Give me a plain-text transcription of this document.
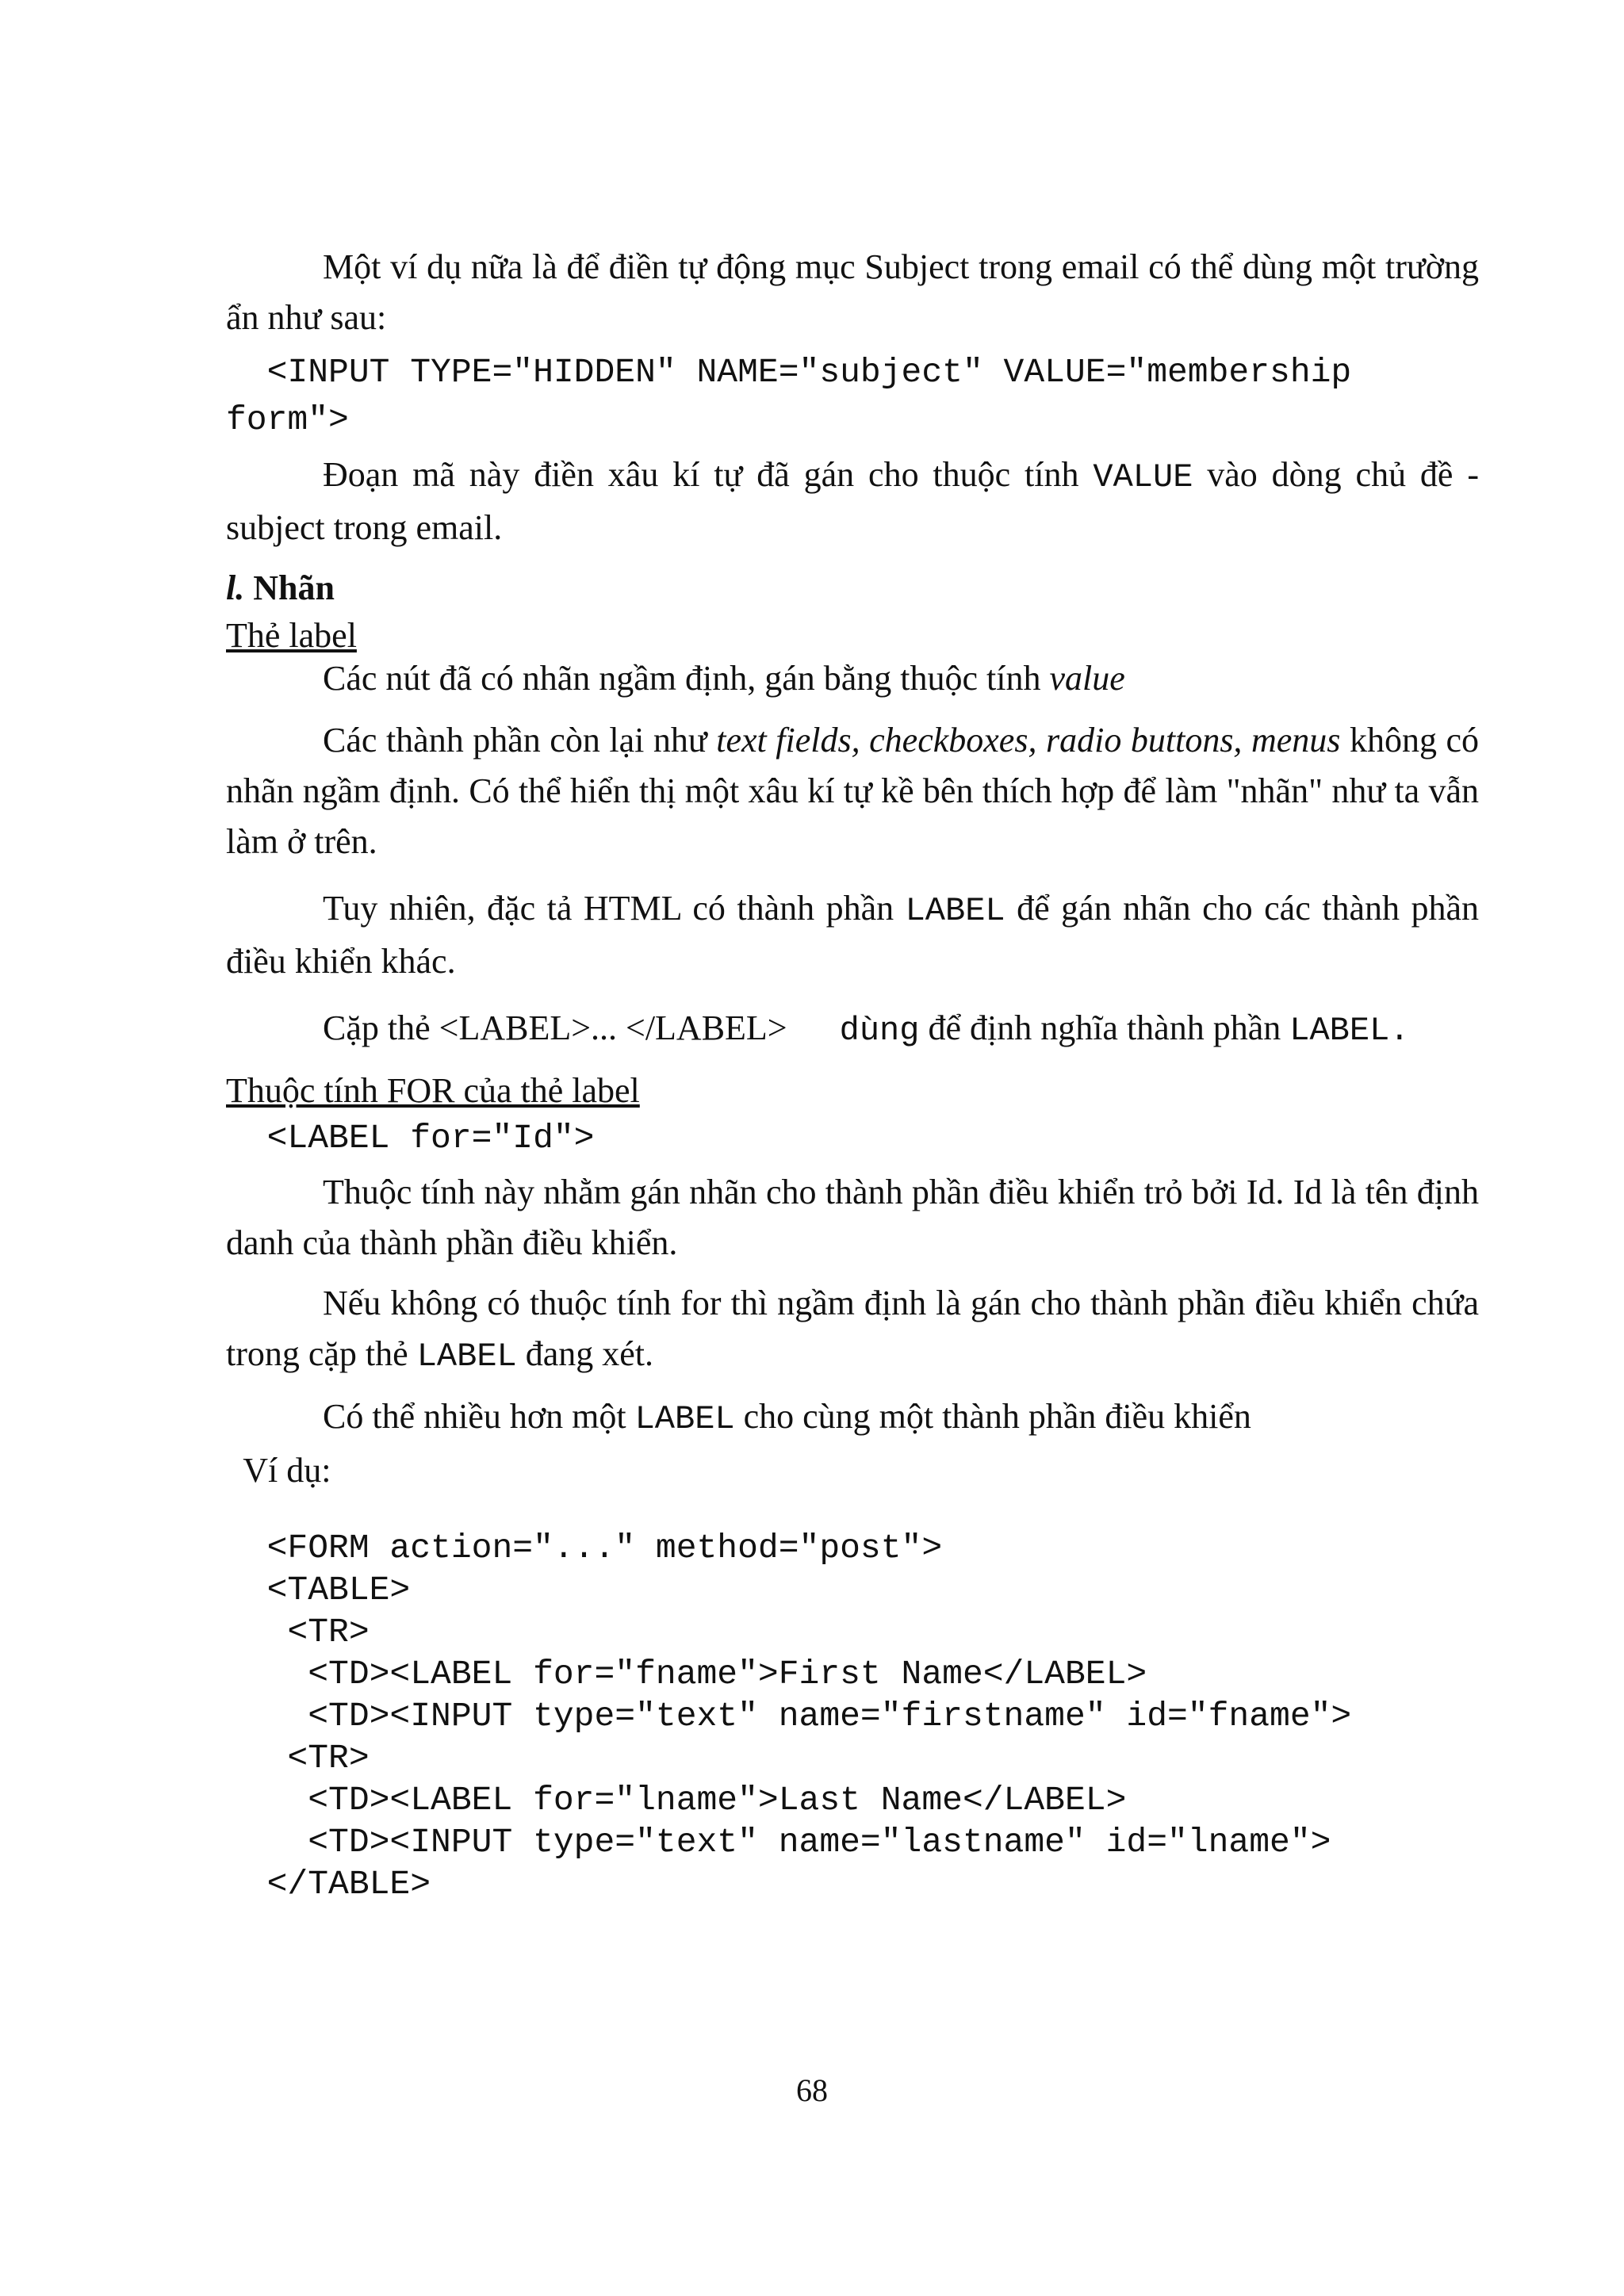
Một ví dụ nữa là để điền tự động mục Subject trong email có thể dùng một trường ẩn như sau:

<INPUT TYPE="HIDDEN" NAME="subject" VALUE="membership

form">

Đoạn mã này điền xâu kí tự đã gán cho thuộc tính VALUE vào dòng chủ đề - subject trong email.

l. Nhãn

Thẻ label

Các nút đã có nhãn ngầm định, gán bằng thuộc tính value

Các thành phần còn lại như text fields, checkboxes, radio buttons, menus không có nhãn ngầm định. Có thể hiển thị một xâu kí tự kề bên thích hợp để làm "nhãn" như ta vẫn làm ở trên.

Tuy nhiên, đặc tả HTML có thành phần LABEL để gán nhãn cho các thành phần điều khiển khác.

Cặp thẻ <LABEL>... </LABEL>      dùng để định nghĩa thành phần LABEL.

Thuộc tính FOR của thẻ label

<LABEL for="Id">

Thuộc tính này nhằm gán nhãn cho thành phần điều khiển trỏ bởi Id. Id là tên định danh của thành phần điều khiển.

Nếu không có thuộc tính for thì ngầm định là gán cho thành phần điều khiển chứa trong cặp thẻ LABEL đang xét.

Có thể nhiều hơn một LABEL cho cùng một thành phần điều khiển

Ví dụ:

<FORM action="..." method="post">

<TABLE>

<TR>

<TD><LABEL for="fname">First Name</LABEL>

<TD><INPUT type="text" name="firstname" id="fname">

<TR>

<TD><LABEL for="lname">Last Name</LABEL>

<TD><INPUT type="text" name="lastname" id="lname">

</TABLE>

68
